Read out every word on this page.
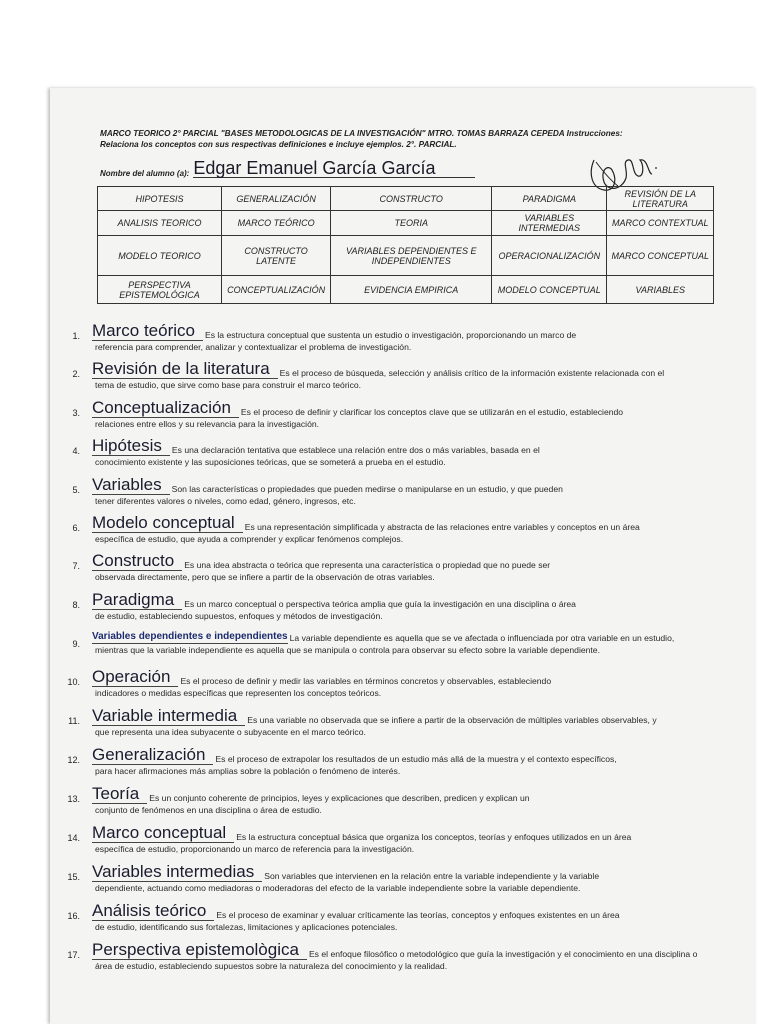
MARCO TEORICO 2° PARCIAL "BASES METODOLOGICAS DE LA INVESTIGACIÓN" MTRO. TOMAS BARRAZA CEPEDA Instrucciones:
Relaciona los conceptos con sus respectivas definiciones e incluye ejemplos. 2°. PARCIAL.
Nombre del alumno (a): Edgar Emanuel García García
HIPOTESIS	GENERALIZACIÓN	CONSTRUCTO	PARADIGMA	REVISIÓN DE LA LITERATURA
ANALISIS TEORICO	MARCO TEÓRICO	TEORIA	VARIABLES INTERMEDIAS	MARCO CONTEXTUAL
MODELO TEORICO	CONSTRUCTO LATENTE	VARIABLES DEPENDIENTES E INDEPENDIENTES	OPERACIONALIZACIÓN	MARCO CONCEPTUAL
PERSPECTIVA EPISTEMOLÓGICA	CONCEPTUALIZACIÓN	EVIDENCIA EMPIRICA	MODELO CONCEPTUAL	VARIABLES
1. Marco teórico	Es la estructura conceptual que sustenta un estudio o investigación, proporcionando un marco de
referencia para comprender, analizar y contextualizar el problema de investigación.
2. Revisión de la literatura	Es el proceso de búsqueda, selección y análisis crítico de la información existente relacionada con el
tema de estudio, que sirve como base para construir el marco teórico.
3. Conceptualización	Es el proceso de definir y clarificar los conceptos clave que se utilizarán en el estudio, estableciendo
relaciones entre ellos y su relevancia para la investigación.
4. Hipótesis	Es una declaración tentativa que establece una relación entre dos o más variables, basada en el
conocimiento existente y las suposiciones teóricas, que se someterá a prueba en el estudio.
5. Variables	Son las características o propiedades que pueden medirse o manipularse en un estudio, y que pueden
tener diferentes valores o niveles, como edad, género, ingresos, etc.
6. Modelo conceptual	Es una representación simplificada y abstracta de las relaciones entre variables y conceptos en un área
específica de estudio, que ayuda a comprender y explicar fenómenos complejos.
7. Constructo	Es una idea abstracta o teórica que representa una característica o propiedad que no puede ser
observada directamente, pero que se infiere a partir de la observación de otras variables.
8. Paradigma	Es un marco conceptual o perspectiva teórica amplia que guía la investigación en una disciplina o área
de estudio, estableciendo supuestos, enfoques y métodos de investigación.
9.
Variables dependientes e independientes La variable dependiente es aquella que se ve afectada o influenciada por otra variable en un estudio,
mientras que la variable independiente es aquella que se manipula o controla para observar su efecto sobre la variable dependiente.
10. Operación	Es el proceso de definir y medir las variables en términos concretos y observables, estableciendo
indicadores o medidas específicas que representen los conceptos teóricos.
11. Variable intermedia	Es una variable no observada que se infiere a partir de la observación de múltiples variables observables, y
que representa una idea subyacente o subyacente en el marco teórico.
12. Generalización	Es el proceso de extrapolar los resultados de un estudio más allá de la muestra y el contexto específicos,
para hacer afirmaciones más amplias sobre la población o fenómeno de interés.
13. Teoría	Es un conjunto coherente de principios, leyes y explicaciones que describen, predicen y explican un
conjunto de fenómenos en una disciplina o área de estudio.
14. Marco conceptual	Es la estructura conceptual básica que organiza los conceptos, teorías y enfoques utilizados en un área
específica de estudio, proporcionando un marco de referencia para la investigación.
15. Variables intermedias	Son variables que intervienen en la relación entre la variable independiente y la variable
dependiente, actuando como mediadoras o moderadoras del efecto de la variable independiente sobre la variable dependiente.
16. Análisis teórico	Es el proceso de examinar y evaluar críticamente las teorías, conceptos y enfoques existentes en un área
de estudio, identificando sus fortalezas, limitaciones y aplicaciones potenciales.
17. Perspectiva epistemològica	Es el enfoque filosófico o metodológico que guía la investigación y el conocimiento en una disciplina o
área de estudio, estableciendo supuestos sobre la naturaleza del conocimiento y la realidad.
